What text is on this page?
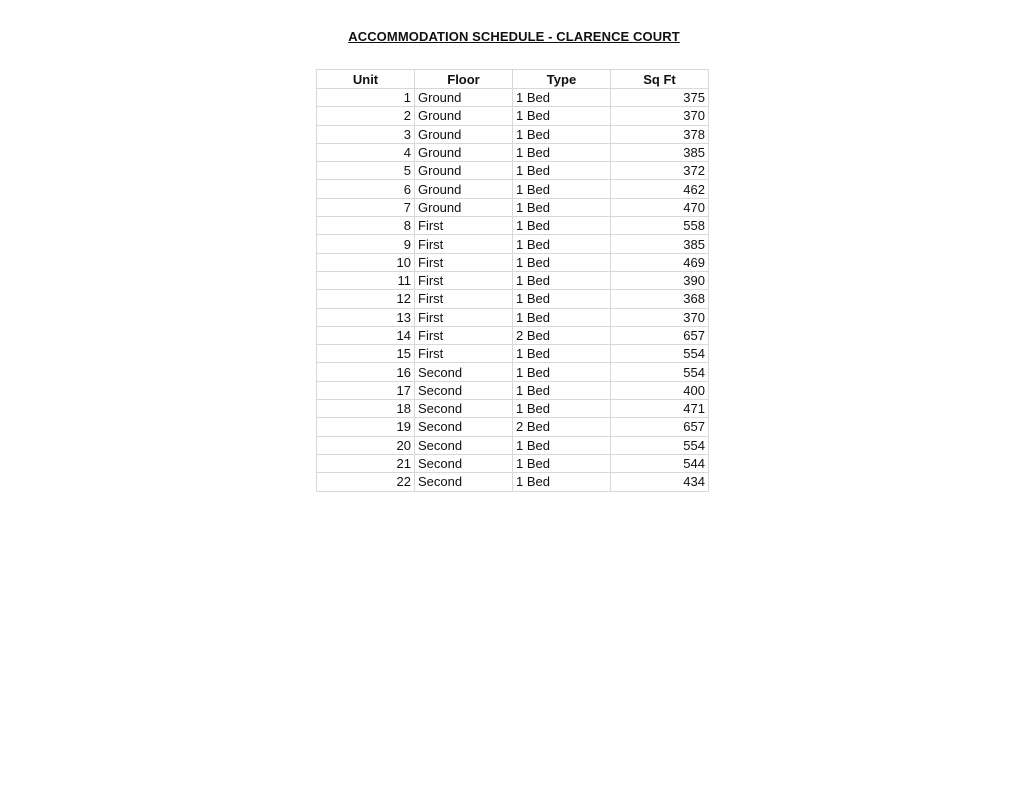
ACCOMMODATION SCHEDULE - CLARENCE COURT
Unit	Floor	Type	Sq Ft
1	Ground	1 Bed	375
2	Ground	1 Bed	370
3	Ground	1 Bed	378
4	Ground	1 Bed	385
5	Ground	1 Bed	372
6	Ground	1 Bed	462
7	Ground	1 Bed	470
8	First	1 Bed	558
9	First	1 Bed	385
10	First	1 Bed	469
11	First	1 Bed	390
12	First	1 Bed	368
13	First	1 Bed	370
14	First	2 Bed	657
15	First	1 Bed	554
16	Second	1 Bed	554
17	Second	1 Bed	400
18	Second	1 Bed	471
19	Second	2 Bed	657
20	Second	1 Bed	554
21	Second	1 Bed	544
22	Second	1 Bed	434
